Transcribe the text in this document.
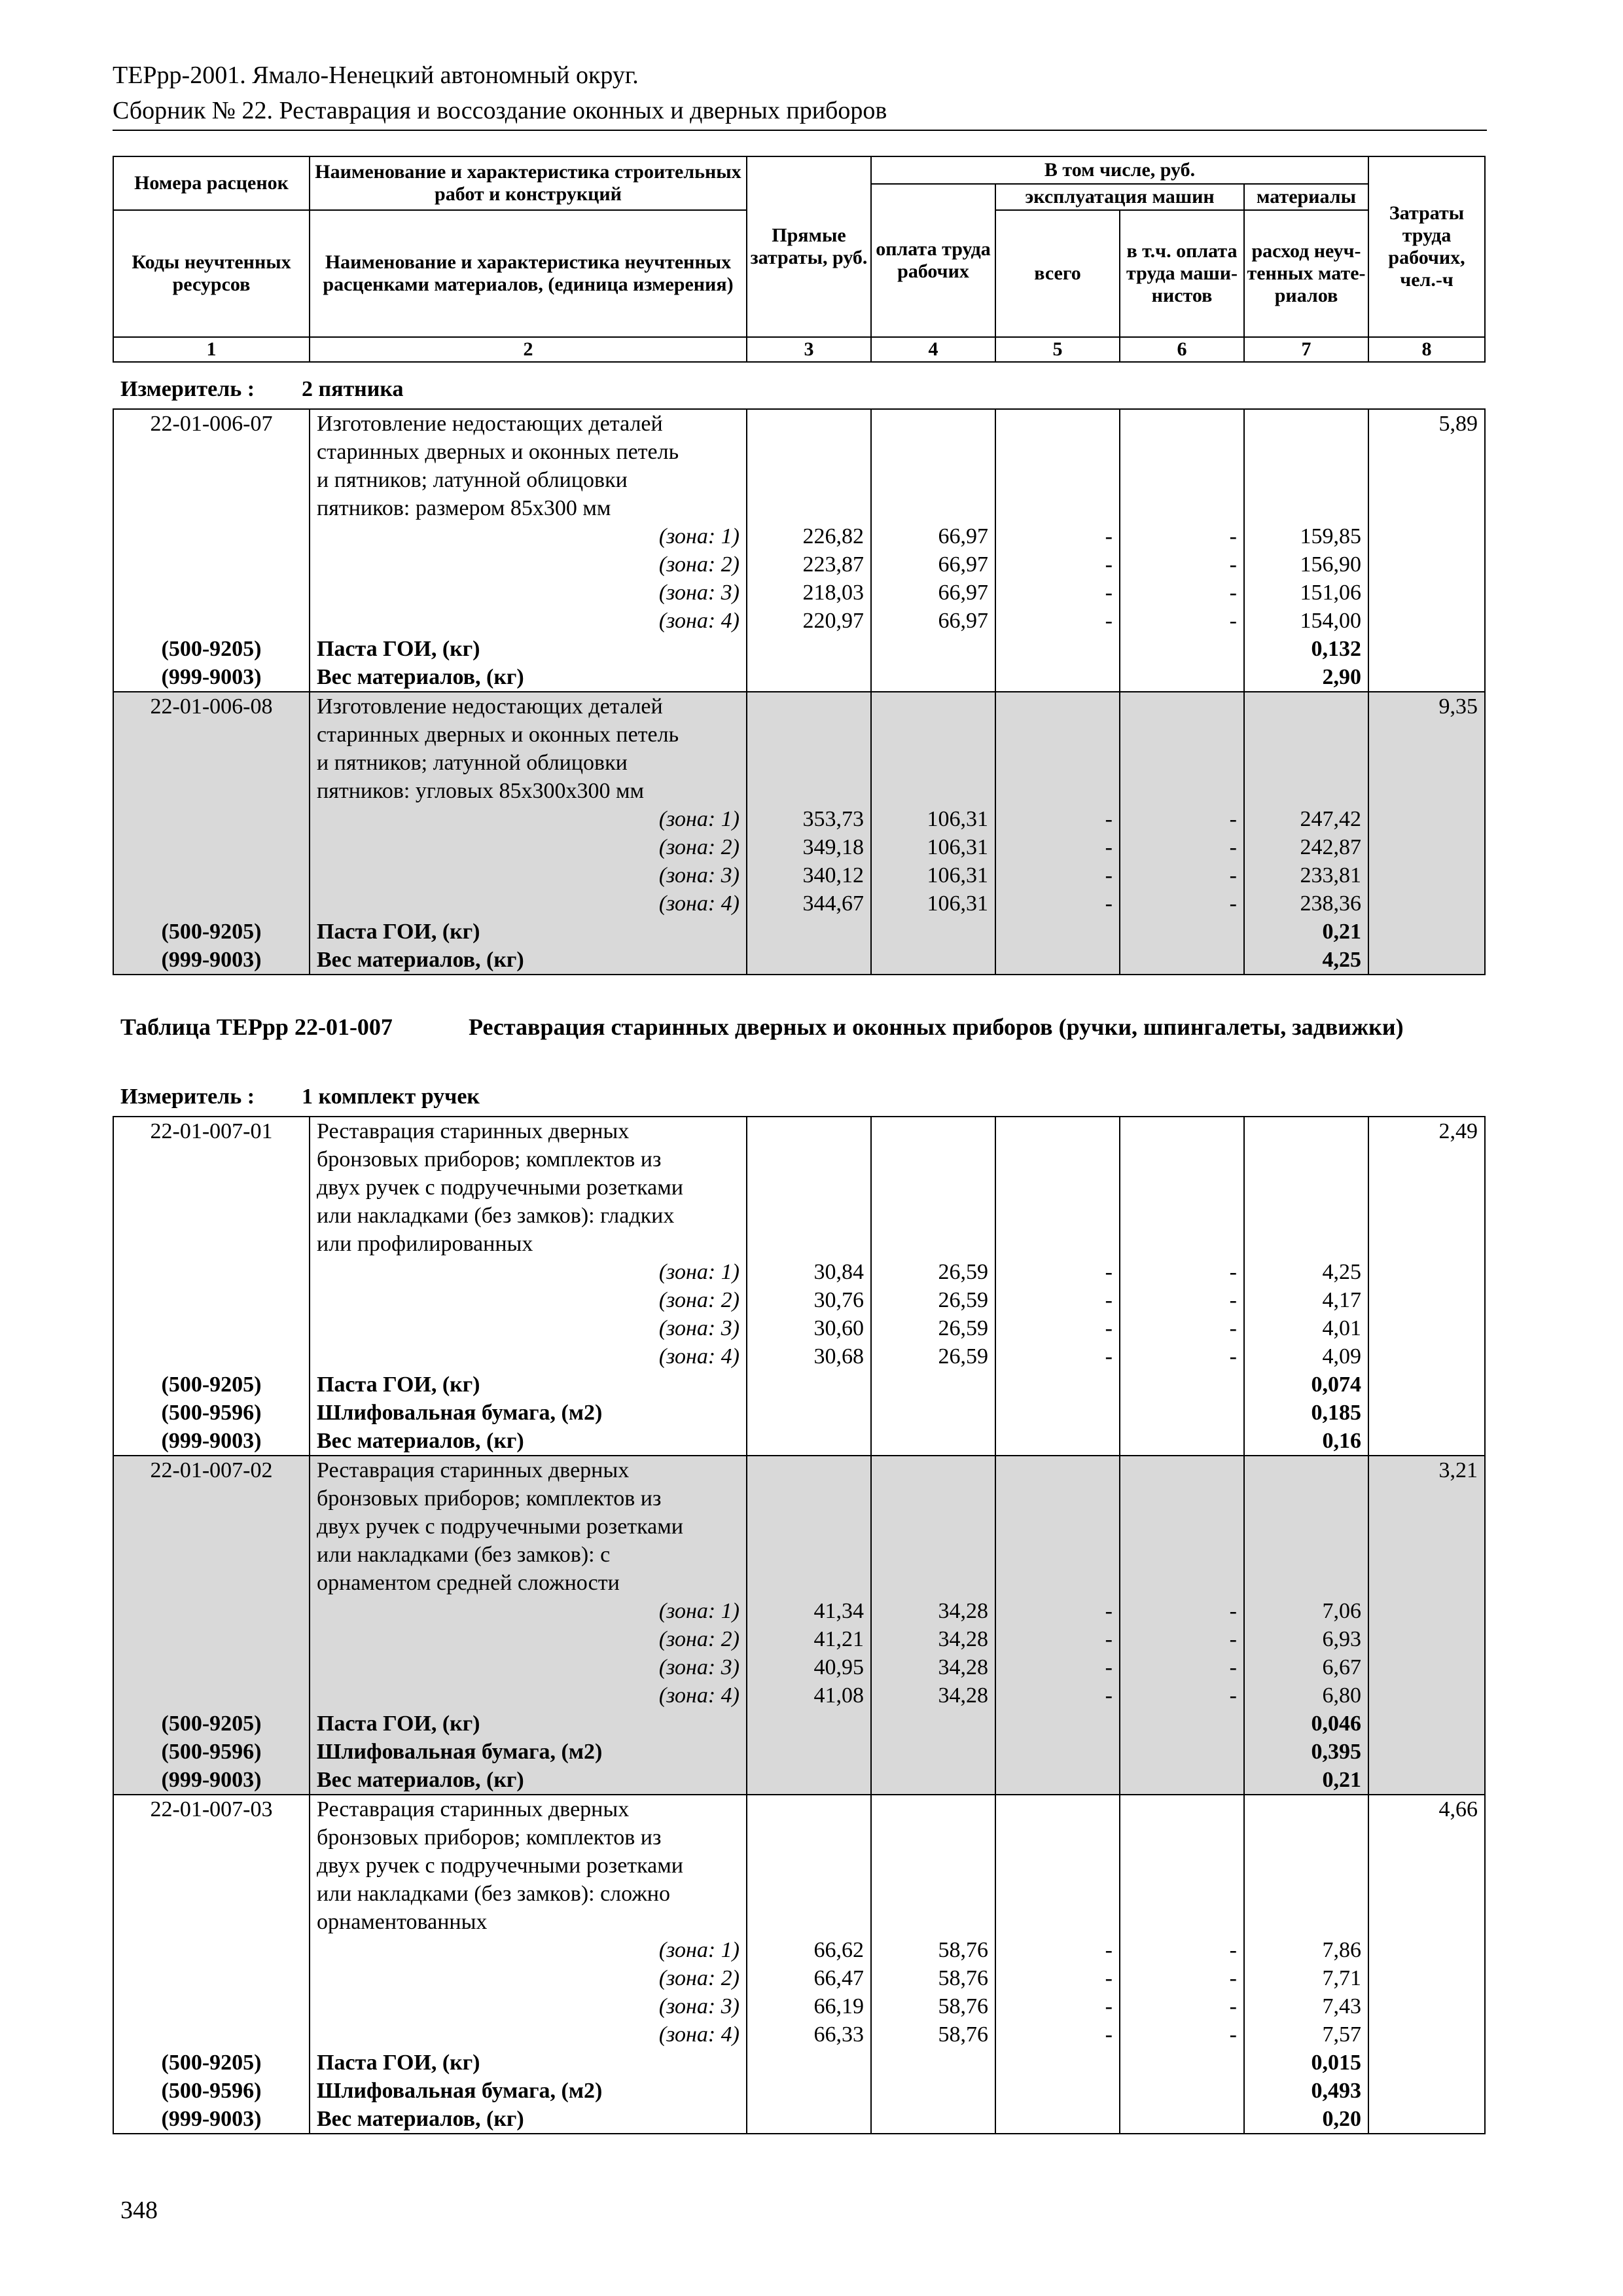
ТЕРрр-2001. Ямало-Ненецкий автономный округ.
Сборник № 22. Реставрация и воссоздание оконных и дверных приборов
Номера расценок	Наименование и характеристика строительных работ и конструкций	Прямые затраты, руб.	В том числе, руб.				Затраты труда рабочих, чел.-ч
			оплата труда рабочих	эксплуатация машин		материалы	
Коды неучтенных ресурсов	Наименование и характеристика неучтенных расценками материалов, (единица измерения)			всего	в т.ч. оплата труда маши-нистов	расход неуч-тенных мате-риалов	

1	2	3	4	5	6	7	8
Измеритель : 2 пятника
22-01-006-07	Изготовление недостающих деталей						5,89
	старинных дверных и оконных петель						
	и пятников; латунной облицовки						
	пятников: размером 85х300 мм						
	(зона: 1)	226,82	66,97	-	-	159,85	
	(зона: 2)	223,87	66,97	-	-	156,90	
	(зона: 3)	218,03	66,97	-	-	151,06	
	(зона: 4)	220,97	66,97	-	-	154,00	
(500-9205)	Паста ГОИ, (кг)					0,132	
(999-9003)	Вес материалов, (кг)					2,90	
22-01-006-08	Изготовление недостающих деталей						9,35
	старинных дверных и оконных петель						
	и пятников; латунной облицовки						
	пятников: угловых 85х300х300 мм						
	(зона: 1)	353,73	106,31	-	-	247,42	
	(зона: 2)	349,18	106,31	-	-	242,87	
	(зона: 3)	340,12	106,31	-	-	233,81	
	(зона: 4)	344,67	106,31	-	-	238,36	
(500-9205)	Паста ГОИ, (кг)					0,21	
(999-9003)	Вес материалов, (кг)					4,25	
Таблица ТЕРрр 22-01-007	Реставрация старинных дверных и оконных приборов (ручки, шпингалеты, задвижки)
Измеритель : 1 комплект ручек
22-01-007-01	Реставрация старинных дверных						2,49
	бронзовых приборов; комплектов из						
	двух ручек с подручечными розетками						
	или накладками (без замков): гладких						
	или профилированных						
	(зона: 1)	30,84	26,59	-	-	4,25	
	(зона: 2)	30,76	26,59	-	-	4,17	
	(зона: 3)	30,60	26,59	-	-	4,01	
	(зона: 4)	30,68	26,59	-	-	4,09	
(500-9205)	Паста ГОИ, (кг)					0,074	
(500-9596)	Шлифовальная бумага, (м2)					0,185	
(999-9003)	Вес материалов, (кг)					0,16	
22-01-007-02	Реставрация старинных дверных						3,21
	бронзовых приборов; комплектов из						
	двух ручек с подручечными розетками						
	или накладками (без замков): с						
	орнаментом средней сложности						
	(зона: 1)	41,34	34,28	-	-	7,06	
	(зона: 2)	41,21	34,28	-	-	6,93	
	(зона: 3)	40,95	34,28	-	-	6,67	
	(зона: 4)	41,08	34,28	-	-	6,80	
(500-9205)	Паста ГОИ, (кг)					0,046	
(500-9596)	Шлифовальная бумага, (м2)					0,395	
(999-9003)	Вес материалов, (кг)					0,21	
22-01-007-03	Реставрация старинных дверных						4,66
	бронзовых приборов; комплектов из						
	двух ручек с подручечными розетками						
	или накладками (без замков): сложно						
	орнаментованных						
	(зона: 1)	66,62	58,76	-	-	7,86	
	(зона: 2)	66,47	58,76	-	-	7,71	
	(зона: 3)	66,19	58,76	-	-	7,43	
	(зона: 4)	66,33	58,76	-	-	7,57	
(500-9205)	Паста ГОИ, (кг)					0,015	
(500-9596)	Шлифовальная бумага, (м2)					0,493	
(999-9003)	Вес материалов, (кг)					0,20	
348
